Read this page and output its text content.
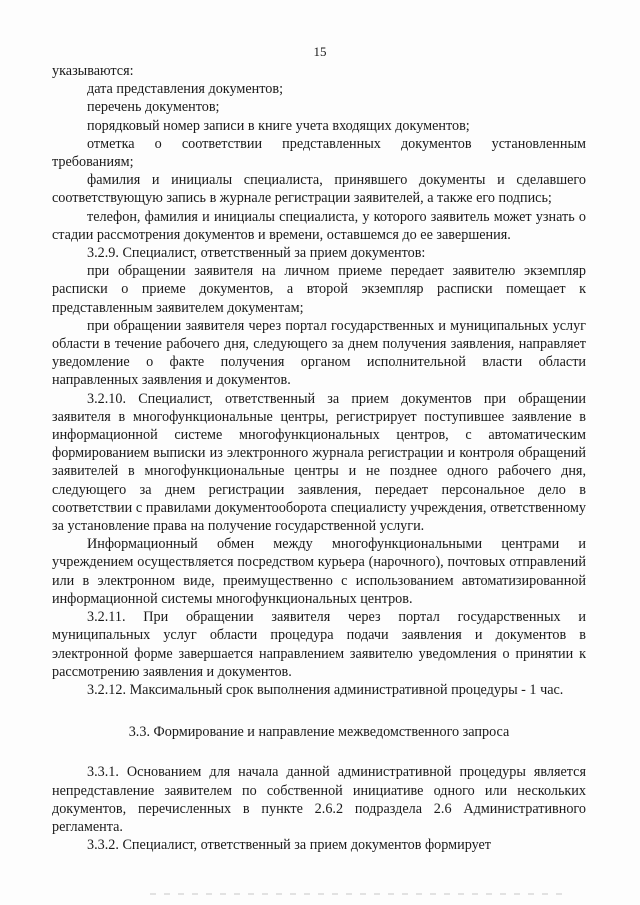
15

указываются:

дата представления документов;

перечень документов;

порядковый номер записи в книге учета входящих документов;

отметка о соответствии представленных документов установленным требованиям;

фамилия и инициалы специалиста, принявшего документы и сделавшего соответствующую запись в журнале регистрации заявителей, а также его подпись;

телефон, фамилия и инициалы специалиста, у которого заявитель может узнать о стадии рассмотрения документов и времени, оставшемся до ее завершения.

3.2.9. Специалист, ответственный за прием документов:

при обращении заявителя на личном приеме передает заявителю экземпляр расписки о приеме документов, а второй экземпляр расписки помещает к представленным заявителем документам;

при обращении заявителя через портал государственных и муниципальных услуг области в течение рабочего дня, следующего за днем получения заявления, направляет уведомление о факте получения органом исполнительной власти области направленных заявления и документов.

3.2.10. Специалист, ответственный за прием документов при обращении заявителя в многофункциональные центры, регистрирует поступившее заявление в информационной системе многофункциональных центров, с автоматическим формированием выписки из электронного журнала регистрации и контроля обращений заявителей в многофункциональные центры и не позднее одного рабочего дня, следующего за днем регистрации заявления, передает персональное дело в соответствии с правилами документооборота специалисту учреждения, ответственному за установление права на получение государственной услуги.

Информационный обмен между многофункциональными центрами и учреждением осуществляется посредством курьера (нарочного), почтовых отправлений или в электронном виде, преимущественно с использованием автоматизированной информационной системы многофункциональных центров.

3.2.11. При обращении заявителя через портал государственных и муниципальных услуг области процедура подачи заявления и документов в электронной форме завершается направлением заявителю уведомления о принятии к рассмотрению заявления и документов.

3.2.12. Максимальный срок выполнения административной процедуры - 1 час.

3.3. Формирование и направление межведомственного запроса

3.3.1. Основанием для начала данной административной процедуры является непредставление заявителем по собственной инициативе одного или нескольких документов, перечисленных в пункте 2.6.2 подраздела 2.6 Административного регламента.

3.3.2. Специалист, ответственный за прием документов формирует
